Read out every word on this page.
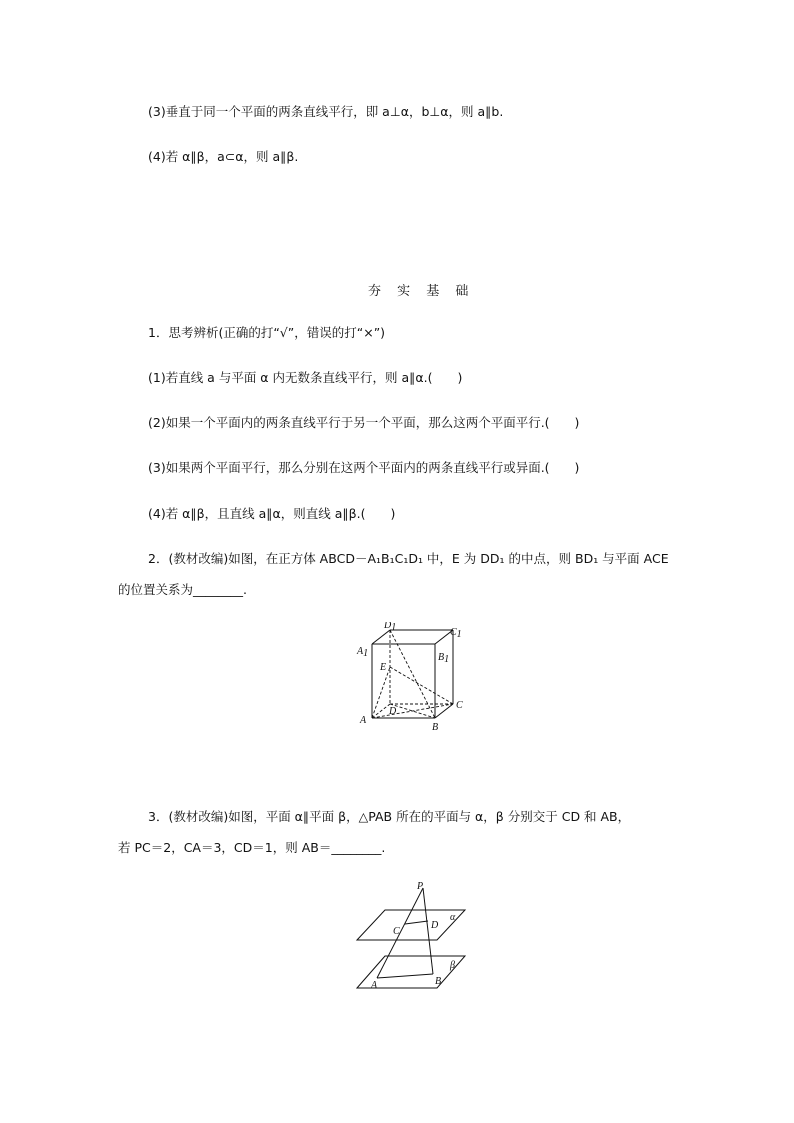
(3)垂直于同一个平面的两条直线平行，即 a⊥α，b⊥α，则 a∥b.
(4)若 α∥β，a⊂α，则 a∥β.
夯 实 基 础
1．思考辨析(正确的打“√”，错误的打“×”)
(1)若直线 a 与平面 α 内无数条直线平行，则 a∥α.(　　)
(2)如果一个平面内的两条直线平行于另一个平面，那么这两个平面平行.(　　)
(3)如果两个平面平行，那么分别在这两个平面内的两条直线平行或异面.(　　)
(4)若 α∥β，且直线 a∥α，则直线 a∥β.(　　)
2．(教材改编)如图，在正方体 ABCD－A₁B₁C₁D₁ 中，E 为 DD₁ 的中点，则 BD₁ 与平面 ACE
的位置关系为________.
D1	C1
A1	B1
E
D
C
A
B
3．(教材改编)如图，平面 α∥平面 β，△PAB 所在的平面与 α，β 分别交于 CD 和 AB，
若 PC＝2，CA＝3，CD＝1，则 AB＝________.
P
α
C
D
β
A	B
